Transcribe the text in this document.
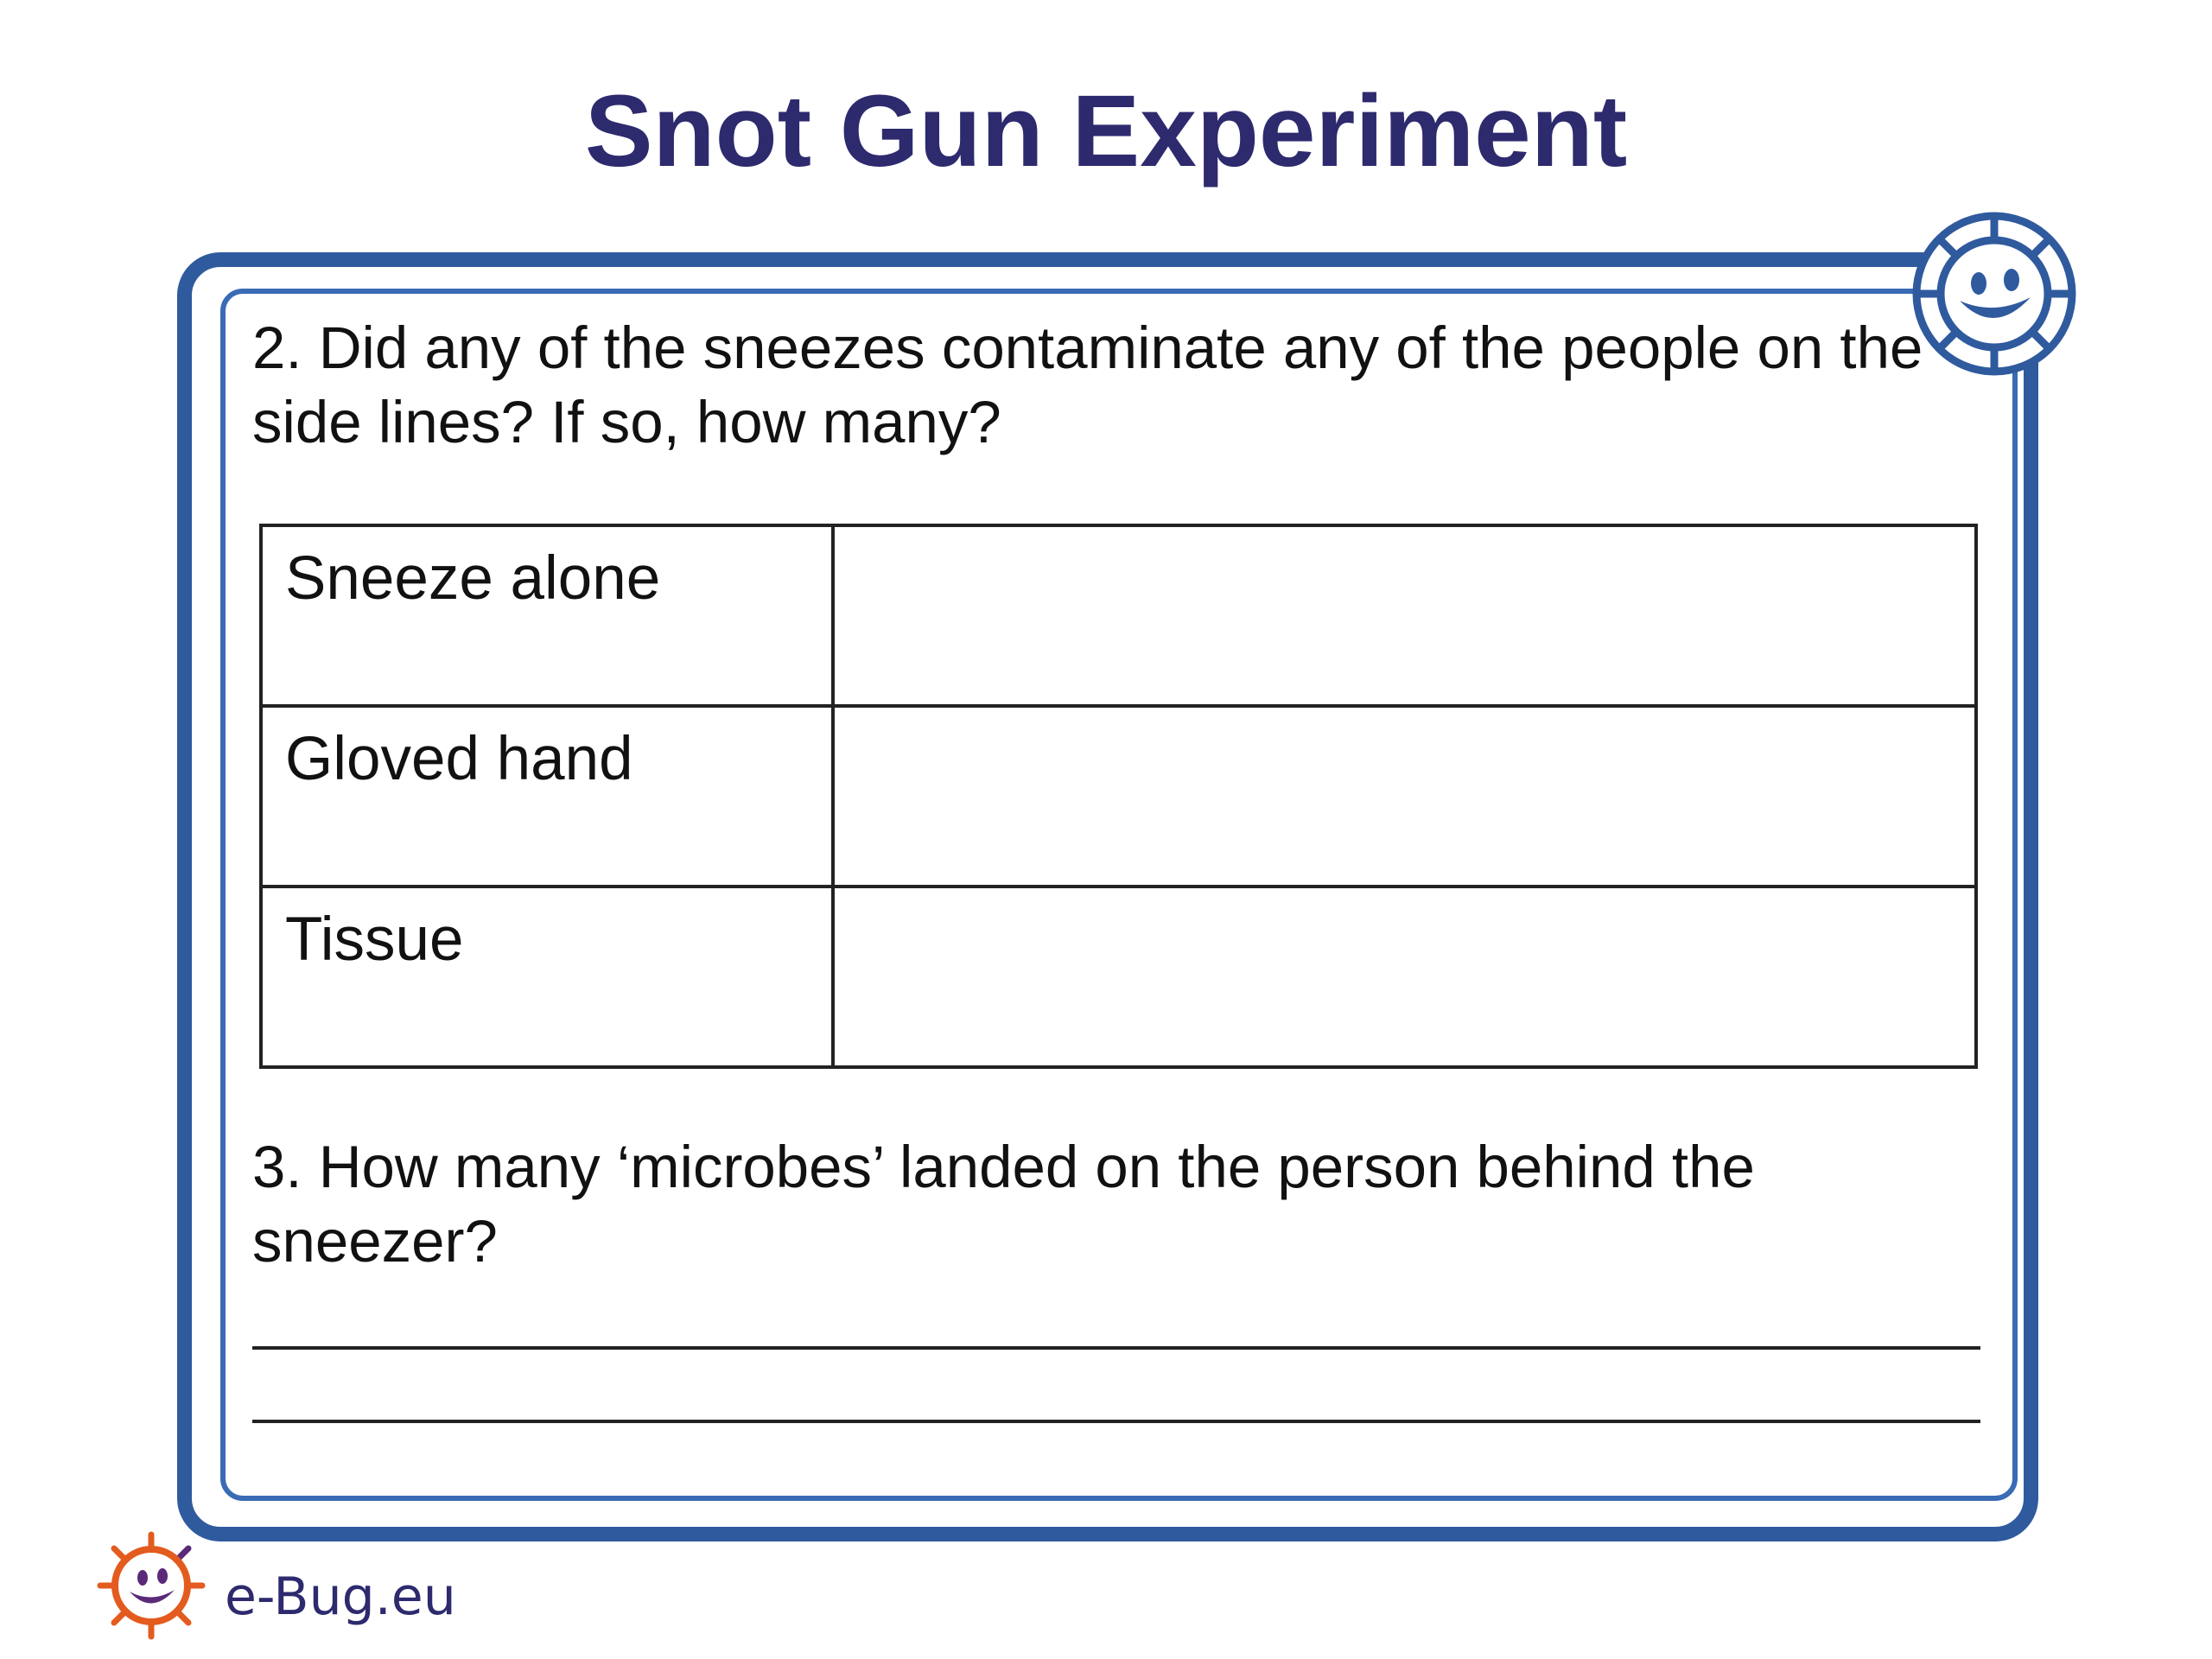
Snot Gun Experiment

2. Did any of the sneezes contaminate any of the people on the side lines? If so, how many?

Sneeze alone	
Gloved hand	
Tissue	

3. How many ‘microbes’ landed on the person behind the sneezer?

e-Bug.eu
